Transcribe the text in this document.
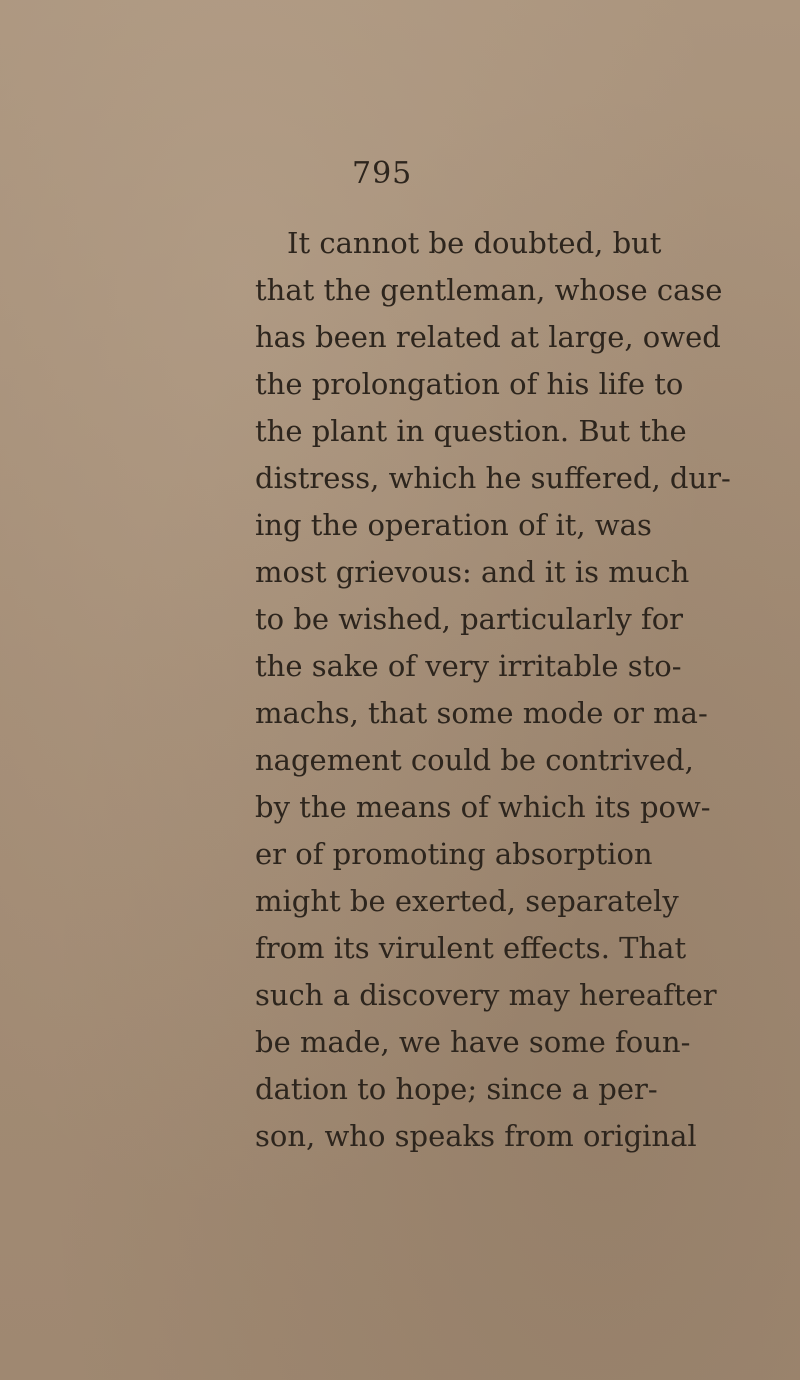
795
It cannot be doubted, but
that the gentleman, whose case
has been related at large, owed
the prolongation of his life to
the plant in question. But the
distress, which he suffered, dur-
ing the operation of it, was
most grievous: and it is much
to be wished, particularly for
the sake of very irritable sto-
machs, that some mode or ma-
nagement could be contrived,
by the means of which its pow-
er of promoting absorption
might be exerted, separately
from its virulent effects. That
such a discovery may hereafter
be made, we have some foun-
dation to hope; since a per-
son, who speaks from original
